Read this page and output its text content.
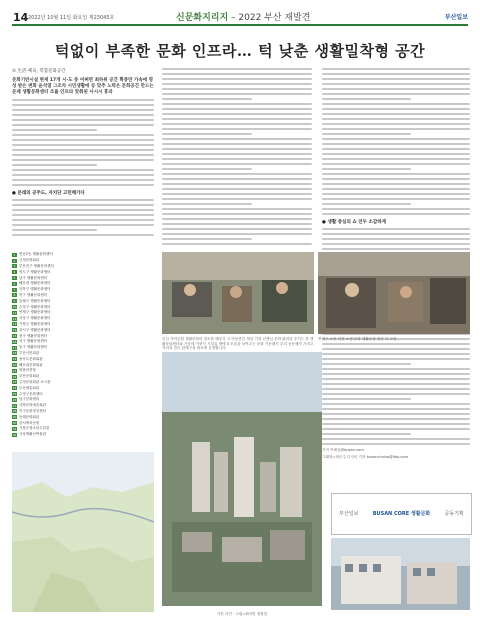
14 2022년 10월 11일 화요일 제23045호	신문화지리지 – 2022 부산 재발견	부산일보
턱없이 부족한 문화 인프라… 턱 낮춘 생활밀착형 공간
⑤ 生活·체육, 복합문화공간
문화기반시설 현재 17개 시·도 중 어쩌면 최하위 공간 확충만 가속에 명성 받은 변화 윤석열 그조차 시민생활에 등 맞추 노력은 문화공간 만드는 문제 생활문화센터 조율 인프라 맞춰된 사시시 휴과
● 본래의 공주도, 자치단 고민해가다
● 생활 중심의 쇼 인두 소감하게
기자 이메일@busan.com
그래픽=최은주 디자인 기자 busanchulso@ilbo.com
부산 가야공원 생활문화의 장소를 배우기 고 아동중간 책임 가장 선생님 문화 뛰어남 우기는 중 생활문화센터와 가운데 이중식 시설입 밖에 3 모습을 보여주는 문화 가운데기 우리 공동체가 가지고 저녁과 결국 관계구성 최서에 공정합니다.
연제구 소중 이전 소생 문화 생활문화 중단 다 모임
1	연산2동 생활문화센터
2	금정문화회관
3	부산진구 생활문화센터
4	영도구 생활문화센터
5	남구 생활문화센터
6	해운대 생활문화센터
7	사하구 생활문화센터
8	북구 생활문화센터
9	동래구 생활문화센터
10 수영구 생활문화센터
11 연제구 생활문화센터
12 사상구 생활문화센터
13 기장군 생활문화센터
14 강서구 생활문화센터
15 중구 생활문화센터
16 서구 생활문화센터
17 동구 생활문화센터
18 부산시민회관
19 을숙도문화회관
20 해운대문화회관
21 영화의전당
22 부산문화회관
23 금정문화회관 소극장
24 부산예술회관
25 수영구문화센터
26 남구문화센터
27 사하문화예술회관
28 북구문화빙상센터
29 동래문화회관
30 강서체육공원
31 기장군청소년수련관
32 사상생활사박물관
가산 사진 · 그림=최서빈 정장한
부산일보	BUSAN CORE 생활문화	공동기획
